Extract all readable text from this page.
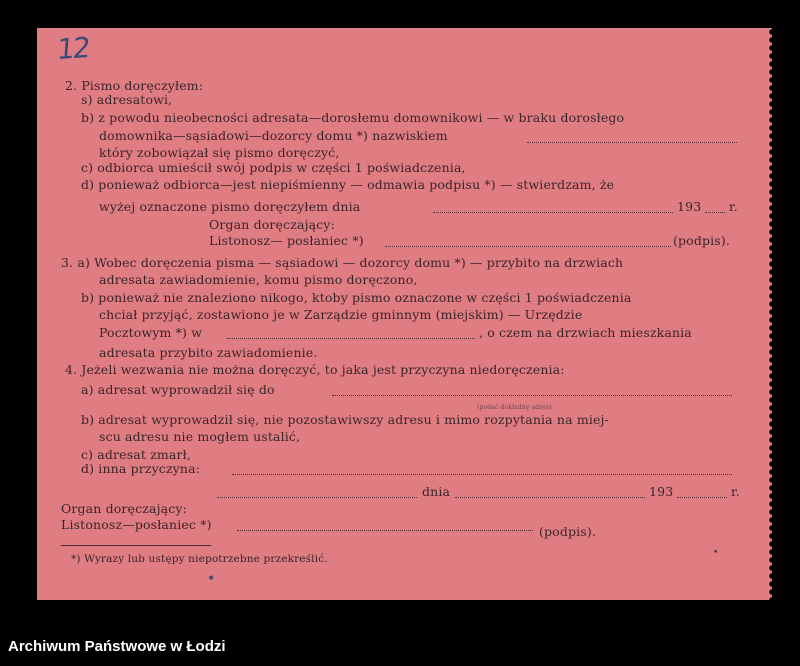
12
2. Pismo doręczyłem:
s) adresatowi,
b) z powodu nieobecności adresata—dorosłemu domownikowi — w braku dorosłego
domownika—sąsiadowi—dozorcy domu *) nazwiskiem
który zobowiązał się pismo doręczyć,
c) odbiorca umieścił swój podpis w części 1 poświadczenia,
d) ponieważ odbiorca—jest niepiśmienny — odmawia podpisu *) — stwierdzam, że
wyżej oznaczone pismo doręczyłem dnia	193 r.
Organ doręczający:
Listonosz— posłaniec *)	(podpis).
3. a) Wobec doręczenia pisma — sąsiadowi — dozorcy domu *) — przybito na drzwiach
adresata zawiadomienie, komu pismo doręczono,
b) ponieważ nie znaleziono nikogo, ktoby pismo oznaczone w części 1 poświadczenia
chciał przyjąć, zostawiono je w Zarządzie gminnym (miejskim) — Urzędzie
Pocztowym *) w	, o czem na drzwiach mieszkania
adresata przybito zawiadomienie.
4. Jeżeli wezwania nie można doręczyć, to jaka jest przyczyna niedoręczenia:
a) adresat wyprowadził się do
(podać dokładny adres)
b) adresat wyprowadził się, nie pozostawiwszy adresu i mimo rozpytania na miej-
scu adresu nie mogłem ustalić,
c) adresat zmarł,
d) inna przyczyna:
dnia	193	r.
Organ doręczający:
Listonosz—posłaniec *)	(podpis).
*) Wyrazy lub ustępy niepotrzebne przekreślić.
•
•
Archiwum Państwowe w Łodzi
